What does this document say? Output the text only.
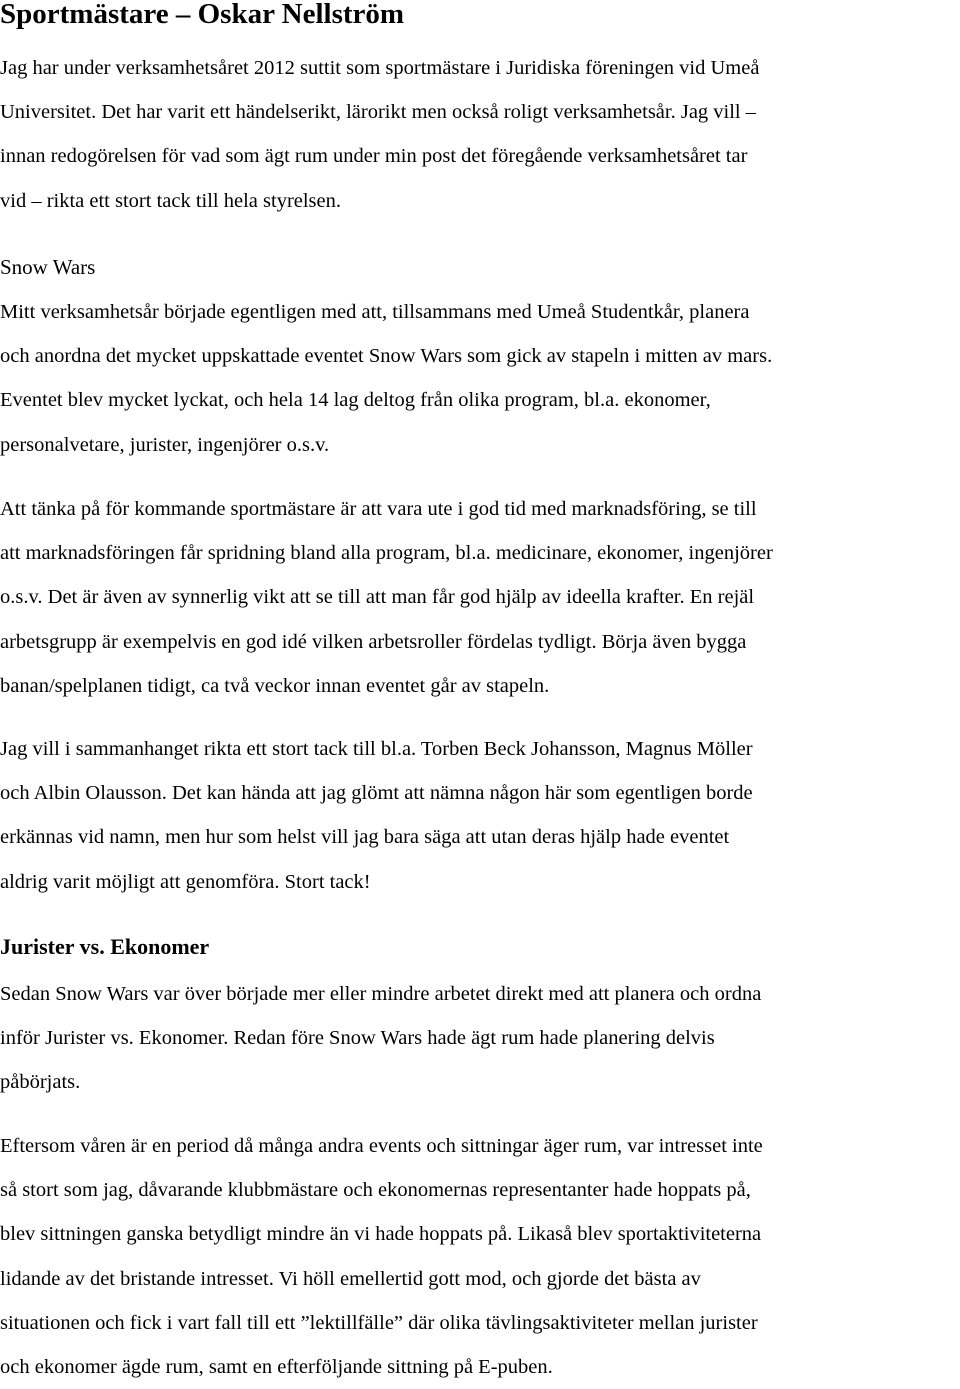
Sportmästare – Oskar Nellström

Jag har under verksamhetsåret 2012 suttit som sportmästare i Juridiska föreningen vid Umeå
Universitet. Det har varit ett händelserikt, lärorikt men också roligt verksamhetsår. Jag vill –
innan redogörelsen för vad som ägt rum under min post det föregående verksamhetsåret tar
vid – rikta ett stort tack till hela styrelsen.

Snow Wars

Mitt verksamhetsår började egentligen med att, tillsammans med Umeå Studentkår, planera
och anordna det mycket uppskattade eventet Snow Wars som gick av stapeln i mitten av mars.
Eventet blev mycket lyckat, och hela 14 lag deltog från olika program, bl.a. ekonomer,
personalvetare, jurister, ingenjörer o.s.v.

Att tänka på för kommande sportmästare är att vara ute i god tid med marknadsföring, se till
att marknadsföringen får spridning bland alla program, bl.a. medicinare, ekonomer, ingenjörer
o.s.v. Det är även av synnerlig vikt att se till att man får god hjälp av ideella krafter. En rejäl
arbetsgrupp är exempelvis en god idé vilken arbetsroller fördelas tydligt. Börja även bygga
banan/spelplanen tidigt, ca två veckor innan eventet går av stapeln.

Jag vill i sammanhanget rikta ett stort tack till bl.a. Torben Beck Johansson, Magnus Möller
och Albin Olausson. Det kan hända att jag glömt att nämna någon här som egentligen borde
erkännas vid namn, men hur som helst vill jag bara säga att utan deras hjälp hade eventet
aldrig varit möjligt att genomföra. Stort tack!

Jurister vs. Ekonomer

Sedan Snow Wars var över började mer eller mindre arbetet direkt med att planera och ordna
inför Jurister vs. Ekonomer. Redan före Snow Wars hade ägt rum hade planering delvis
påbörjats.

Eftersom våren är en period då många andra events och sittningar äger rum, var intresset inte
så stort som jag, dåvarande klubbmästare och ekonomernas representanter hade hoppats på,
blev sittningen ganska betydligt mindre än vi hade hoppats på. Likaså blev sportaktiviteterna
lidande av det bristande intresset. Vi höll emellertid gott mod, och gjorde det bästa av
situationen och fick i vart fall till ett ”lektillfälle” där olika tävlingsaktiviteter mellan jurister
och ekonomer ägde rum, samt en efterföljande sittning på E-puben.
